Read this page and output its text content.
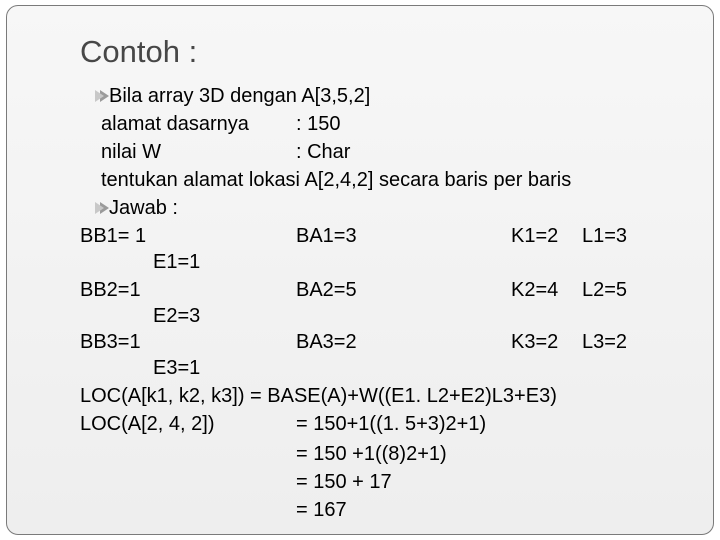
Contoh :
Bila array 3D dengan A[3,5,2]
alamat dasarnya : 150
nilai W	: Char
tentukan alamat lokasi A[2,4,2] secara baris per baris
Jawab :
BB1= 1	BA1=3	K1=2 L1=3
E1=1
BB2=1	BA2=5	K2=4 L2=5
E2=3
BB3=1	BA3=2	K3=2 L3=2
E3=1
LOC(A[k1, k2, k3]) = BASE(A)+W((E1. L2+E2)L3+E3)
LOC(A[2, 4, 2])	= 150+1((1. 5+3)2+1)
= 150 +1((8)2+1)
= 150 + 17
= 167
